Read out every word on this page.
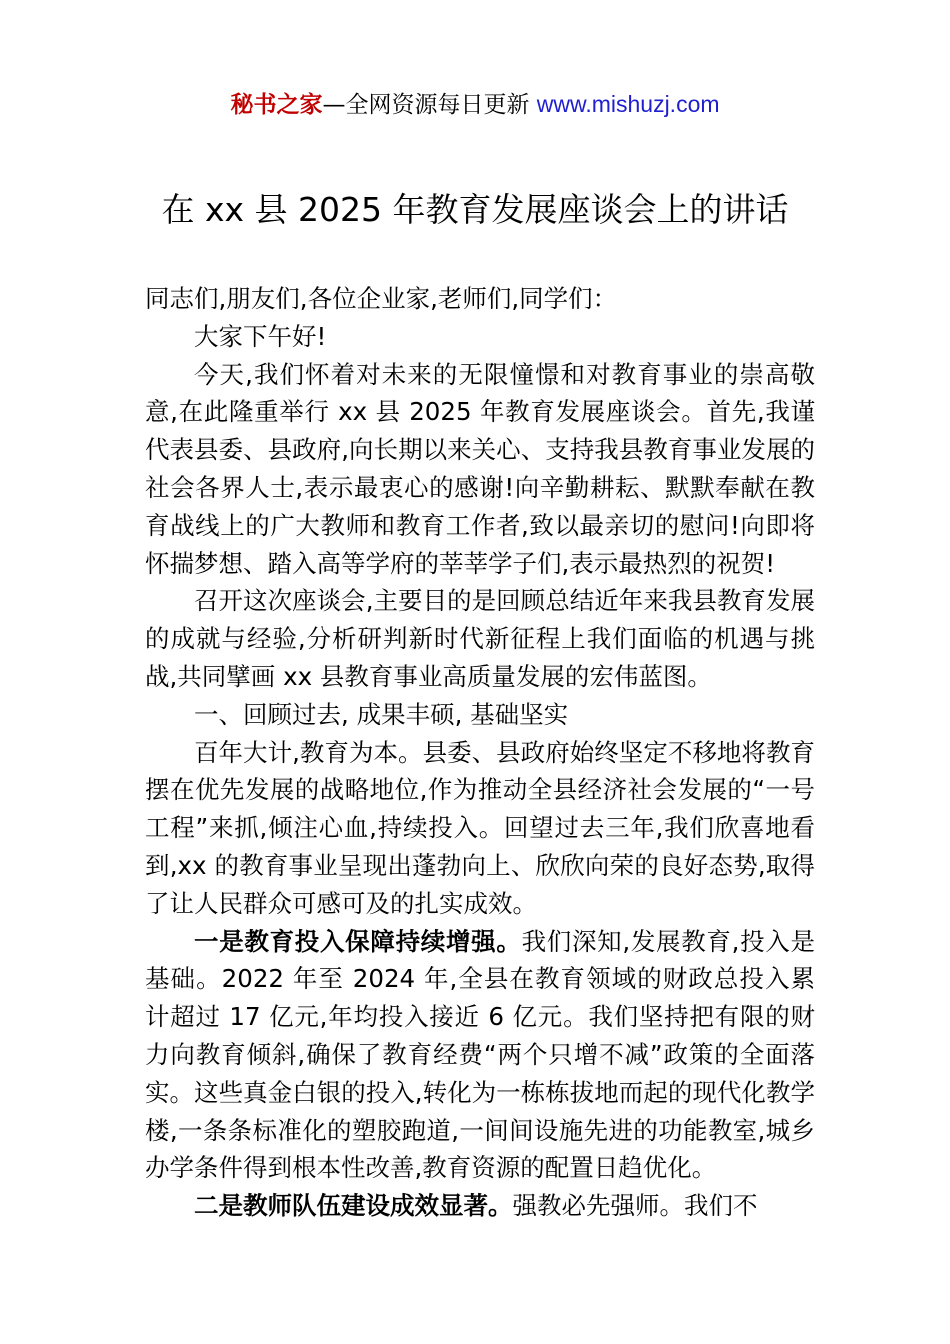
秘书之家—全网资源每日更新 www.mishuzj.com
在 xx 县 2025 年教育发展座谈会上的讲话

同志们,朋友们,各位企业家,老师们,同学们：

大家下午好!

今天,我们怀着对未来的无限憧憬和对教育事业的崇高敬意,在此隆重举行 xx 县 2025 年教育发展座谈会。首先,我谨代表县委、县政府,向长期以来关心、支持我县教育事业发展的社会各界人士,表示最衷心的感谢!向辛勤耕耘、默默奉献在教育战线上的广大教师和教育工作者,致以最亲切的慰问!向即将怀揣梦想、踏入高等学府的莘莘学子们,表示最热烈的祝贺!

召开这次座谈会,主要目的是回顾总结近年来我县教育发展的成就与经验,分析研判新时代新征程上我们面临的机遇与挑战,共同擘画 xx 县教育事业高质量发展的宏伟蓝图。

一、回顾过去, 成果丰硕, 基础坚实

百年大计,教育为本。县委、县政府始终坚定不移地将教育摆在优先发展的战略地位,作为推动全县经济社会发展的“一号工程”来抓,倾注心血,持续投入。回望过去三年,我们欣喜地看到,xx 的教育事业呈现出蓬勃向上、欣欣向荣的良好态势,取得了让人民群众可感可及的扎实成效。

一是教育投入保障持续增强。我们深知,发展教育,投入是基础。2022 年至 2024 年,全县在教育领域的财政总投入累计超过 17 亿元,年均投入接近 6 亿元。我们坚持把有限的财力向教育倾斜,确保了教育经费“两个只增不减”政策的全面落实。这些真金白银的投入,转化为一栋栋拔地而起的现代化教学楼,一条条标准化的塑胶跑道,一间间设施先进的功能教室,城乡办学条件得到根本性改善,教育资源的配置日趋优化。

二是教师队伍建设成效显著。强教必先强师。我们不
